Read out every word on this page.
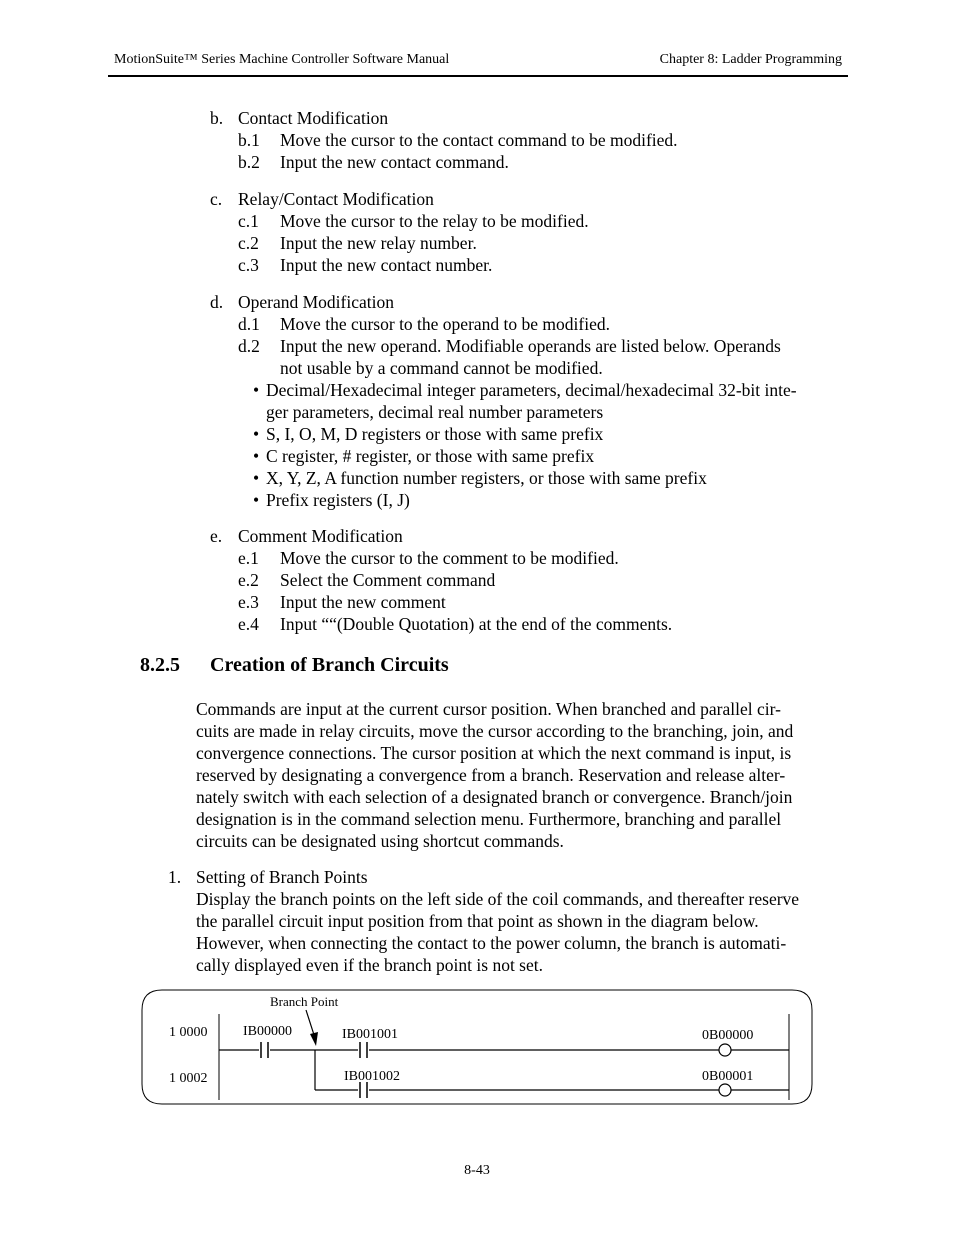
MotionSuite™ Series Machine Controller Software Manual	Chapter 8: Ladder Programming
b. Contact Modification
b.1 Move the cursor to the contact command to be modified.
b.2 Input the new contact command.
c. Relay/Contact Modification
c.1 Move the cursor to the relay to be modified.
c.2 Input the new relay number.
c.3 Input the new contact number.
d. Operand Modification
d.1 Move the cursor to the operand to be modified.
d.2 Input the new operand. Modifiable operands are listed below. Operands
not usable by a command cannot be modified.
• Decimal/Hexadecimal integer parameters, decimal/hexadecimal 32-bit inte-
ger parameters, decimal real number parameters
• S, I, O, M, D registers or those with same prefix
• C register, # register, or those with same prefix
• X, Y, Z, A function number registers, or those with same prefix
• Prefix registers (I, J)
e. Comment Modification
e.1 Move the cursor to the comment to be modified.
e.2 Select the Comment command
e.3 Input the new comment
e.4 Input ““(Double Quotation) at the end of the comments.
8.2.5 Creation of Branch Circuits
Commands are input at the current cursor position. When branched and parallel cir-
cuits are made in relay circuits, move the cursor according to the branching, join, and
convergence connections. The cursor position at which the next command is input, is
reserved by designating a convergence from a branch. Reservation and release alter-
nately switch with each selection of a designated branch or convergence. Branch/join
designation is in the command selection menu. Furthermore, branching and parallel
circuits can be designated using shortcut commands.
1. Setting of Branch Points
Display the branch points on the left side of the coil commands, and thereafter reserve
the parallel circuit input position from that point as shown in the diagram below.
However, when connecting the contact to the power column, the branch is automati-
cally displayed even if the branch point is not set.
Branch Point
1 0000
1 0002
IB00000	IB001001
IB001002
0B00000
0B00001
8-43
